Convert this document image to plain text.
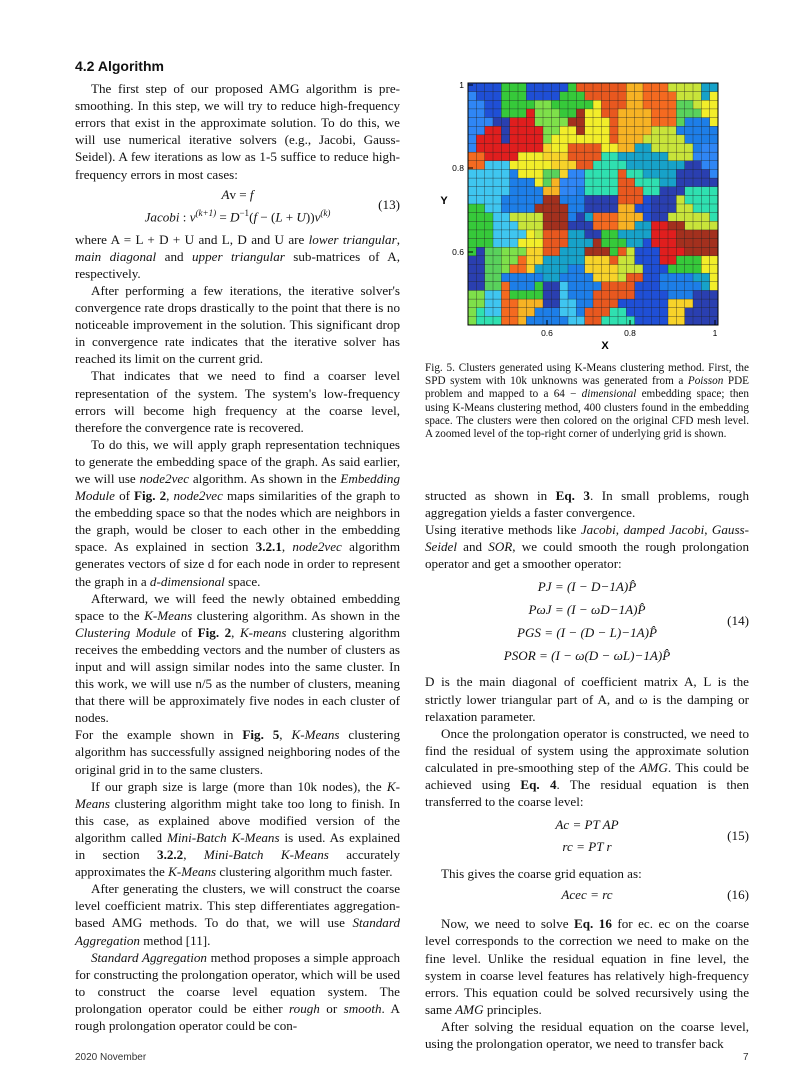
4.2 Algorithm

The first step of our proposed AMG algorithm is pre-smoothing. In this step, we will try to reduce high-frequency errors that exist in the approximate solution. To do this, we will use numerical iterative solvers (e.g., Jacobi, Gauss-Seidel). A few iterations as low as 1-5 suffice to reduce high-frequency errors in most cases:

Av = f
Jacobi : $v^{(k+1)} = D^{-1}(f - (L + U))v^{(k)}$
(13)

where A = L + D + U and L, D and U are lower triangular, main diagonal and upper triangular sub-matrices of A, respectively.

After performing a few iterations, the iterative solver's convergence rate drops drastically to the point that there is no noticeable improvement in the solution. This significant drop in convergence rate indicates that the iterative solver has reached its limit on the current grid.

That indicates that we need to find a coarser level representation of the system. The system's low-frequency errors will become high frequency at the coarse level, therefore the convergence rate is recovered.

To do this, we will apply graph representation techniques to generate the embedding space of the graph. As said earlier, we will use node2vec algorithm. As shown in the Embedding Module of Fig. 2, node2vec maps similarities of the graph to the embedding space so that the nodes which are neighbors in the graph, would be closer to each other in the embedding space. As explained in section 3.2.1, node2vec algorithm generates vectors of size d for each node in order to represent the graph in a d-dimensional space.

Afterward, we will feed the newly obtained embedding space to the K-Means clustering algorithm. As shown in the Clustering Module of Fig. 2, K-means clustering algorithm receives the embedding vectors and the number of clusters as input and will assign similar nodes into the same cluster. In this work, we will use n/5 as the number of clusters, meaning that there will be approximately five nodes in each cluster of nodes.

For the example shown in Fig. 5, K-Means clustering algorithm has successfully assigned neighboring nodes of the original grid in to the same clusters.

If our graph size is large (more than 10k nodes), the K-Means clustering algorithm might take too long to finish. In this case, as explained above modified version of the algorithm called Mini-Batch K-Means is used. As explained in section 3.2.2, Mini-Batch K-Means accurately approximates the K-Means clustering algorithm much faster.

After generating the clusters, we will construct the coarse level coefficient matrix. This step differentiates aggregation-based AMG methods. To do that, we will use Standard Aggregation method [11].

Standard Aggregation method proposes a simple approach for constructing the prolongation operator, which will be used to construct the coarse level equation system. The prolongation operator could be either rough or smooth. A rough prolongation operator could be con-

1
0.8
0.6
0.6	0.8	1
Y
X
Fig. 5. Clusters generated using K-Means clustering method. First, the SPD system with 10k unknowns was generated from a Poisson PDE problem and mapped to a 64 − dimensional embedding space; then using K-Means clustering method, 400 clusters found in the embedding space. The clusters were then colored on the original CFD mesh level. A zoomed level of the top-right corner of underlying grid is shown.

structed as shown in Eq. 3. In small problems, rough aggregation yields a faster convergence.

Using iterative methods like Jacobi, damped Jacobi, Gauss-Seidel and SOR, we could smooth the rough prolongation operator and get a smoother operator:

PJ = (I − D−1A)P̂
PωJ = (I − ωD−1A)P̂
PGS = (I − (D − L)−1A)P̂
PSOR = (I − ω(D − ωL)−1A)P̂
(14)

D is the main diagonal of coefficient matrix A, L is the strictly lower triangular part of A, and ω is the damping or relaxation parameter.

Once the prolongation operator is constructed, we need to find the residual of system using the approximate solution calculated in pre-smoothing step of the AMG. This could be achieved using Eq. 4. The residual equation is then transferred to the coarse level:

Ac = PT AP
rc = PT r
(15)

This gives the coarse grid equation as:

Acec = rc	(16)

Now, we need to solve Eq. 16 for ec. ec on the coarse level corresponds to the correction we need to make on the fine level. Unlike the residual equation in fine level, the system in coarse level features has relatively high-frequency errors. This equation could be solved recursively using the same AMG principles.

After solving the residual equation on the coarse level, using the prolongation operator, we need to transfer back

2020 November	7
